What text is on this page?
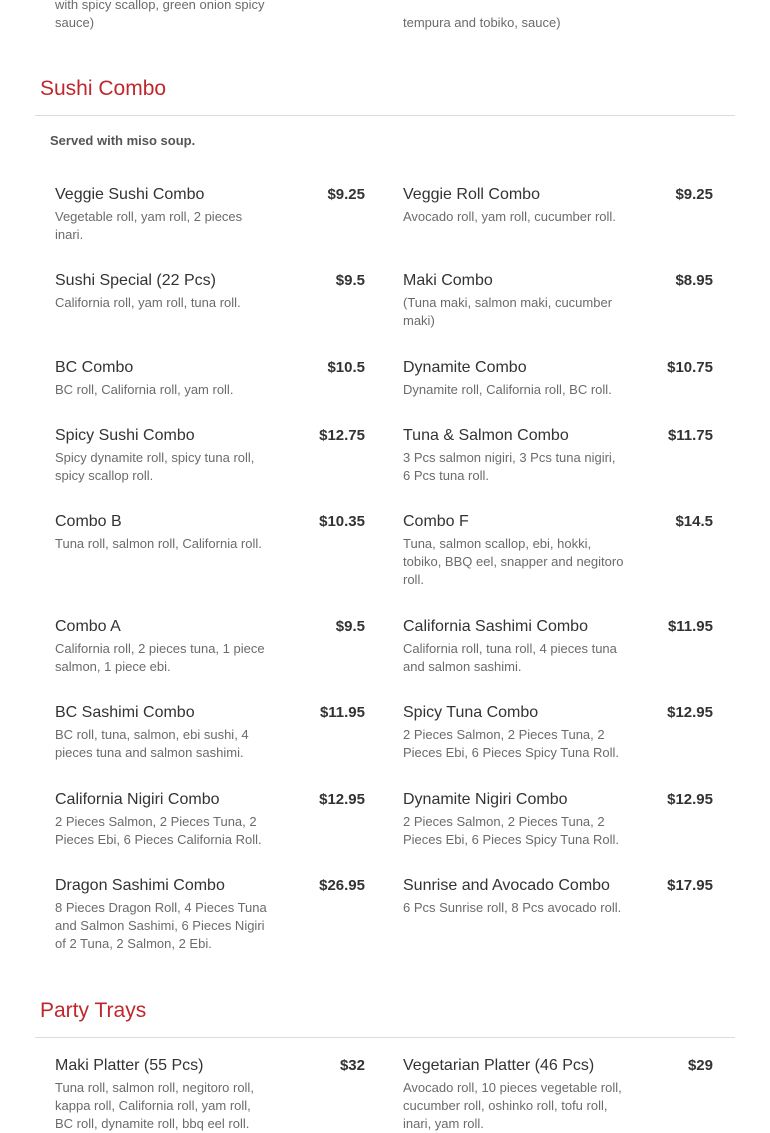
with spicy scallop, green onion spicy sauce)	tempura and tobiko, sauce)
Sushi Combo
Served with miso soup.
Veggie Sushi Combo	$9.25
Vegetable roll, yam roll, 2 pieces inari.
Veggie Roll Combo	$9.25
Avocado roll, yam roll, cucumber roll.
Sushi Special (22 Pcs)	$9.5
California roll, yam roll, tuna roll.
Maki Combo	$8.95
(Tuna maki, salmon maki, cucumber maki)
BC Combo	$10.5
BC roll, California roll, yam roll.
Dynamite Combo	$10.75
Dynamite roll, California roll, BC roll.
Spicy Sushi Combo	$12.75
Spicy dynamite roll, spicy tuna roll, spicy scallop roll.
Tuna & Salmon Combo	$11.75
3 Pcs salmon nigiri, 3 Pcs tuna nigiri, 6 Pcs tuna roll.
Combo B	$10.35
Tuna roll, salmon roll, California roll.
Combo F	$14.5
Tuna, salmon scallop, ebi, hokki, tobiko, BBQ eel, snapper and negitoro roll.
Combo A	$9.5
California roll, 2 pieces tuna, 1 piece salmon, 1 piece ebi.
California Sashimi Combo	$11.95
California roll, tuna roll, 4 pieces tuna and salmon sashimi.
BC Sashimi Combo	$11.95
BC roll, tuna, salmon, ebi sushi, 4 pieces tuna and salmon sashimi.
Spicy Tuna Combo	$12.95
2 Pieces Salmon, 2 Pieces Tuna, 2 Pieces Ebi, 6 Pieces Spicy Tuna Roll.
California Nigiri Combo	$12.95
2 Pieces Salmon, 2 Pieces Tuna, 2 Pieces Ebi, 6 Pieces California Roll.
Dynamite Nigiri Combo	$12.95
2 Pieces Salmon, 2 Pieces Tuna, 2 Pieces Ebi, 6 Pieces Spicy Tuna Roll.
Dragon Sashimi Combo	$26.95
8 Pieces Dragon Roll, 4 Pieces Tuna and Salmon Sashimi, 6 Pieces Nigiri of 2 Tuna, 2 Salmon, 2 Ebi.
Sunrise and Avocado Combo	$17.95
6 Pcs Sunrise roll, 8 Pcs avocado roll.
Party Trays
Maki Platter (55 Pcs)	$32
Tuna roll, salmon roll, negitoro roll, kappa roll, California roll, yam roll, BC roll, dynamite roll, bbq eel roll.
Vegetarian Platter (46 Pcs)	$29
Avocado roll, 10 pieces vegetable roll, cucumber roll, oshinko roll, tofu roll, inari, yam roll.
